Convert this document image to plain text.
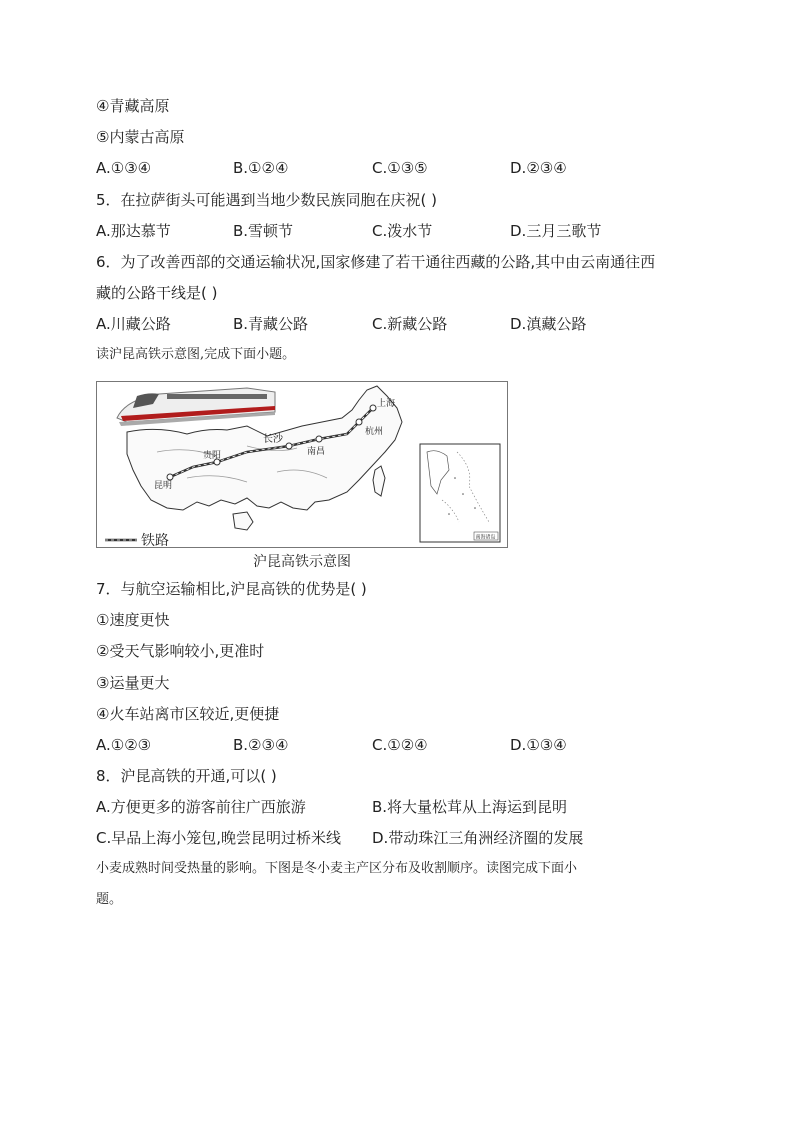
④青藏高原
⑤内蒙古高原
A.①③④	B.①②④	C.①③⑤	D.②③④
5．在拉萨街头可能遇到当地少数民族同胞在庆祝( )
A.那达慕节	B.雪顿节	C.泼水节	D.三月三歌节
6．为了改善西部的交通运输状况,国家修建了若干通往西藏的公路,其中由云南通往西
藏的公路干线是( )
A.川藏公路	B.青藏公路	C.新藏公路	D.滇藏公路
读沪昆高铁示意图,完成下面小题。
昆明
贵阳
长沙
南昌
杭州
上海
铁路	南海诸岛
沪昆高铁示意图
7．与航空运输相比,沪昆高铁的优势是( )
①速度更快
②受天气影响较小,更准时
③运量更大
④火车站离市区较近,更便捷
A.①②③	B.②③④	C.①②④	D.①③④
8．沪昆高铁的开通,可以( )
A.方便更多的游客前往广西旅游	B.将大量松茸从上海运到昆明
C.早品上海小笼包,晚尝昆明过桥米线 D.带动珠江三角洲经济圈的发展
小麦成熟时间受热量的影响。下图是冬小麦主产区分布及收割顺序。读图完成下面小
题。
